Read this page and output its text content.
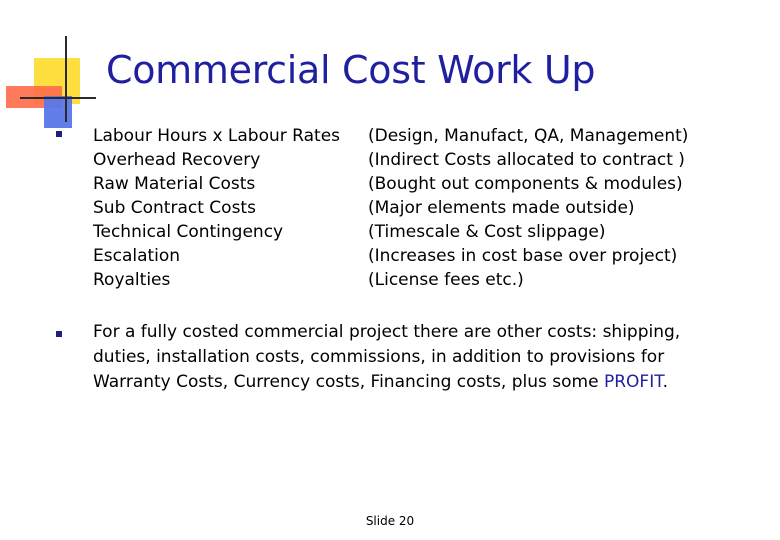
Commercial Cost Work Up
Labour Hours x Labour Rates (Design, Manufact, QA, Management)
Overhead Recovery	(Indirect Costs allocated to contract )
Raw Material Costs	(Bought out components & modules)
Sub Contract Costs	(Major elements made outside)
Technical Contingency	(Timescale & Cost slippage)
Escalation	(Increases in cost base over project)
Royalties	(License fees etc.)
For a fully costed commercial project there are other costs: shipping, duties, installation costs, commissions, in addition to provisions for Warranty Costs, Currency costs, Financing costs, plus some PROFIT.
Slide 20
